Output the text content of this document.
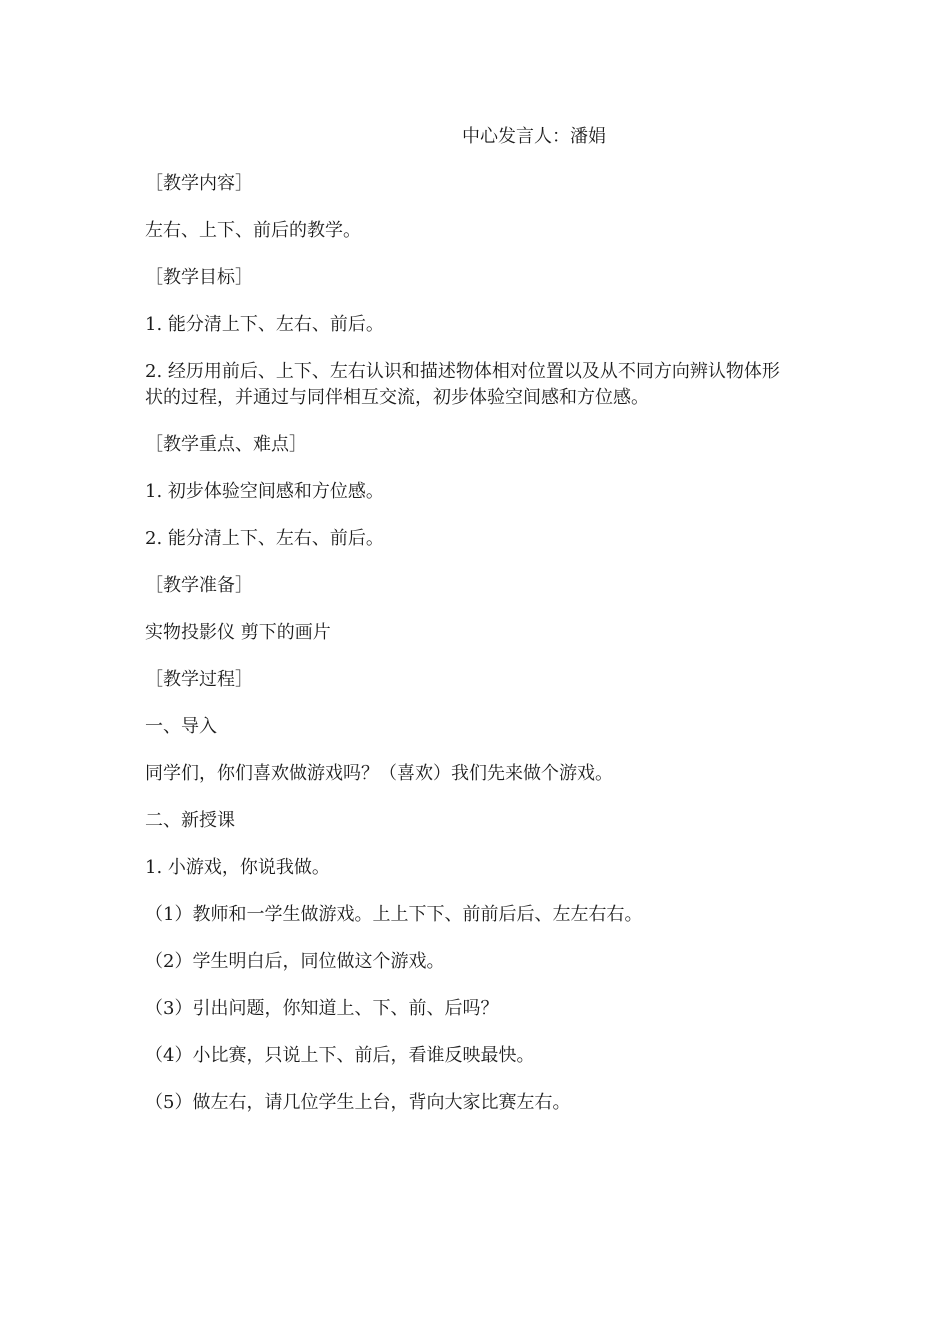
中心发言人：潘娟
［教学内容］
左右、上下、前后的教学。
［教学目标］
1. 能分清上下、左右、前后。
2. 经历用前后、上下、左右认识和描述物体相对位置以及从不同方向辨认物体形
状的过程，并通过与同伴相互交流，初步体验空间感和方位感。
［教学重点、难点］
1. 初步体验空间感和方位感。
2. 能分清上下、左右、前后。
［教学准备］
实物投影仪 剪下的画片
［教学过程］
一、导入
同学们，你们喜欢做游戏吗？（喜欢）我们先来做个游戏。
二、新授课
1. 小游戏，你说我做。
（1）教师和一学生做游戏。上上下下、前前后后、左左右右。
（2）学生明白后，同位做这个游戏。
（3）引出问题，你知道上、下、前、后吗？
（4）小比赛，只说上下、前后，看谁反映最快。
（5）做左右，请几位学生上台，背向大家比赛左右。
